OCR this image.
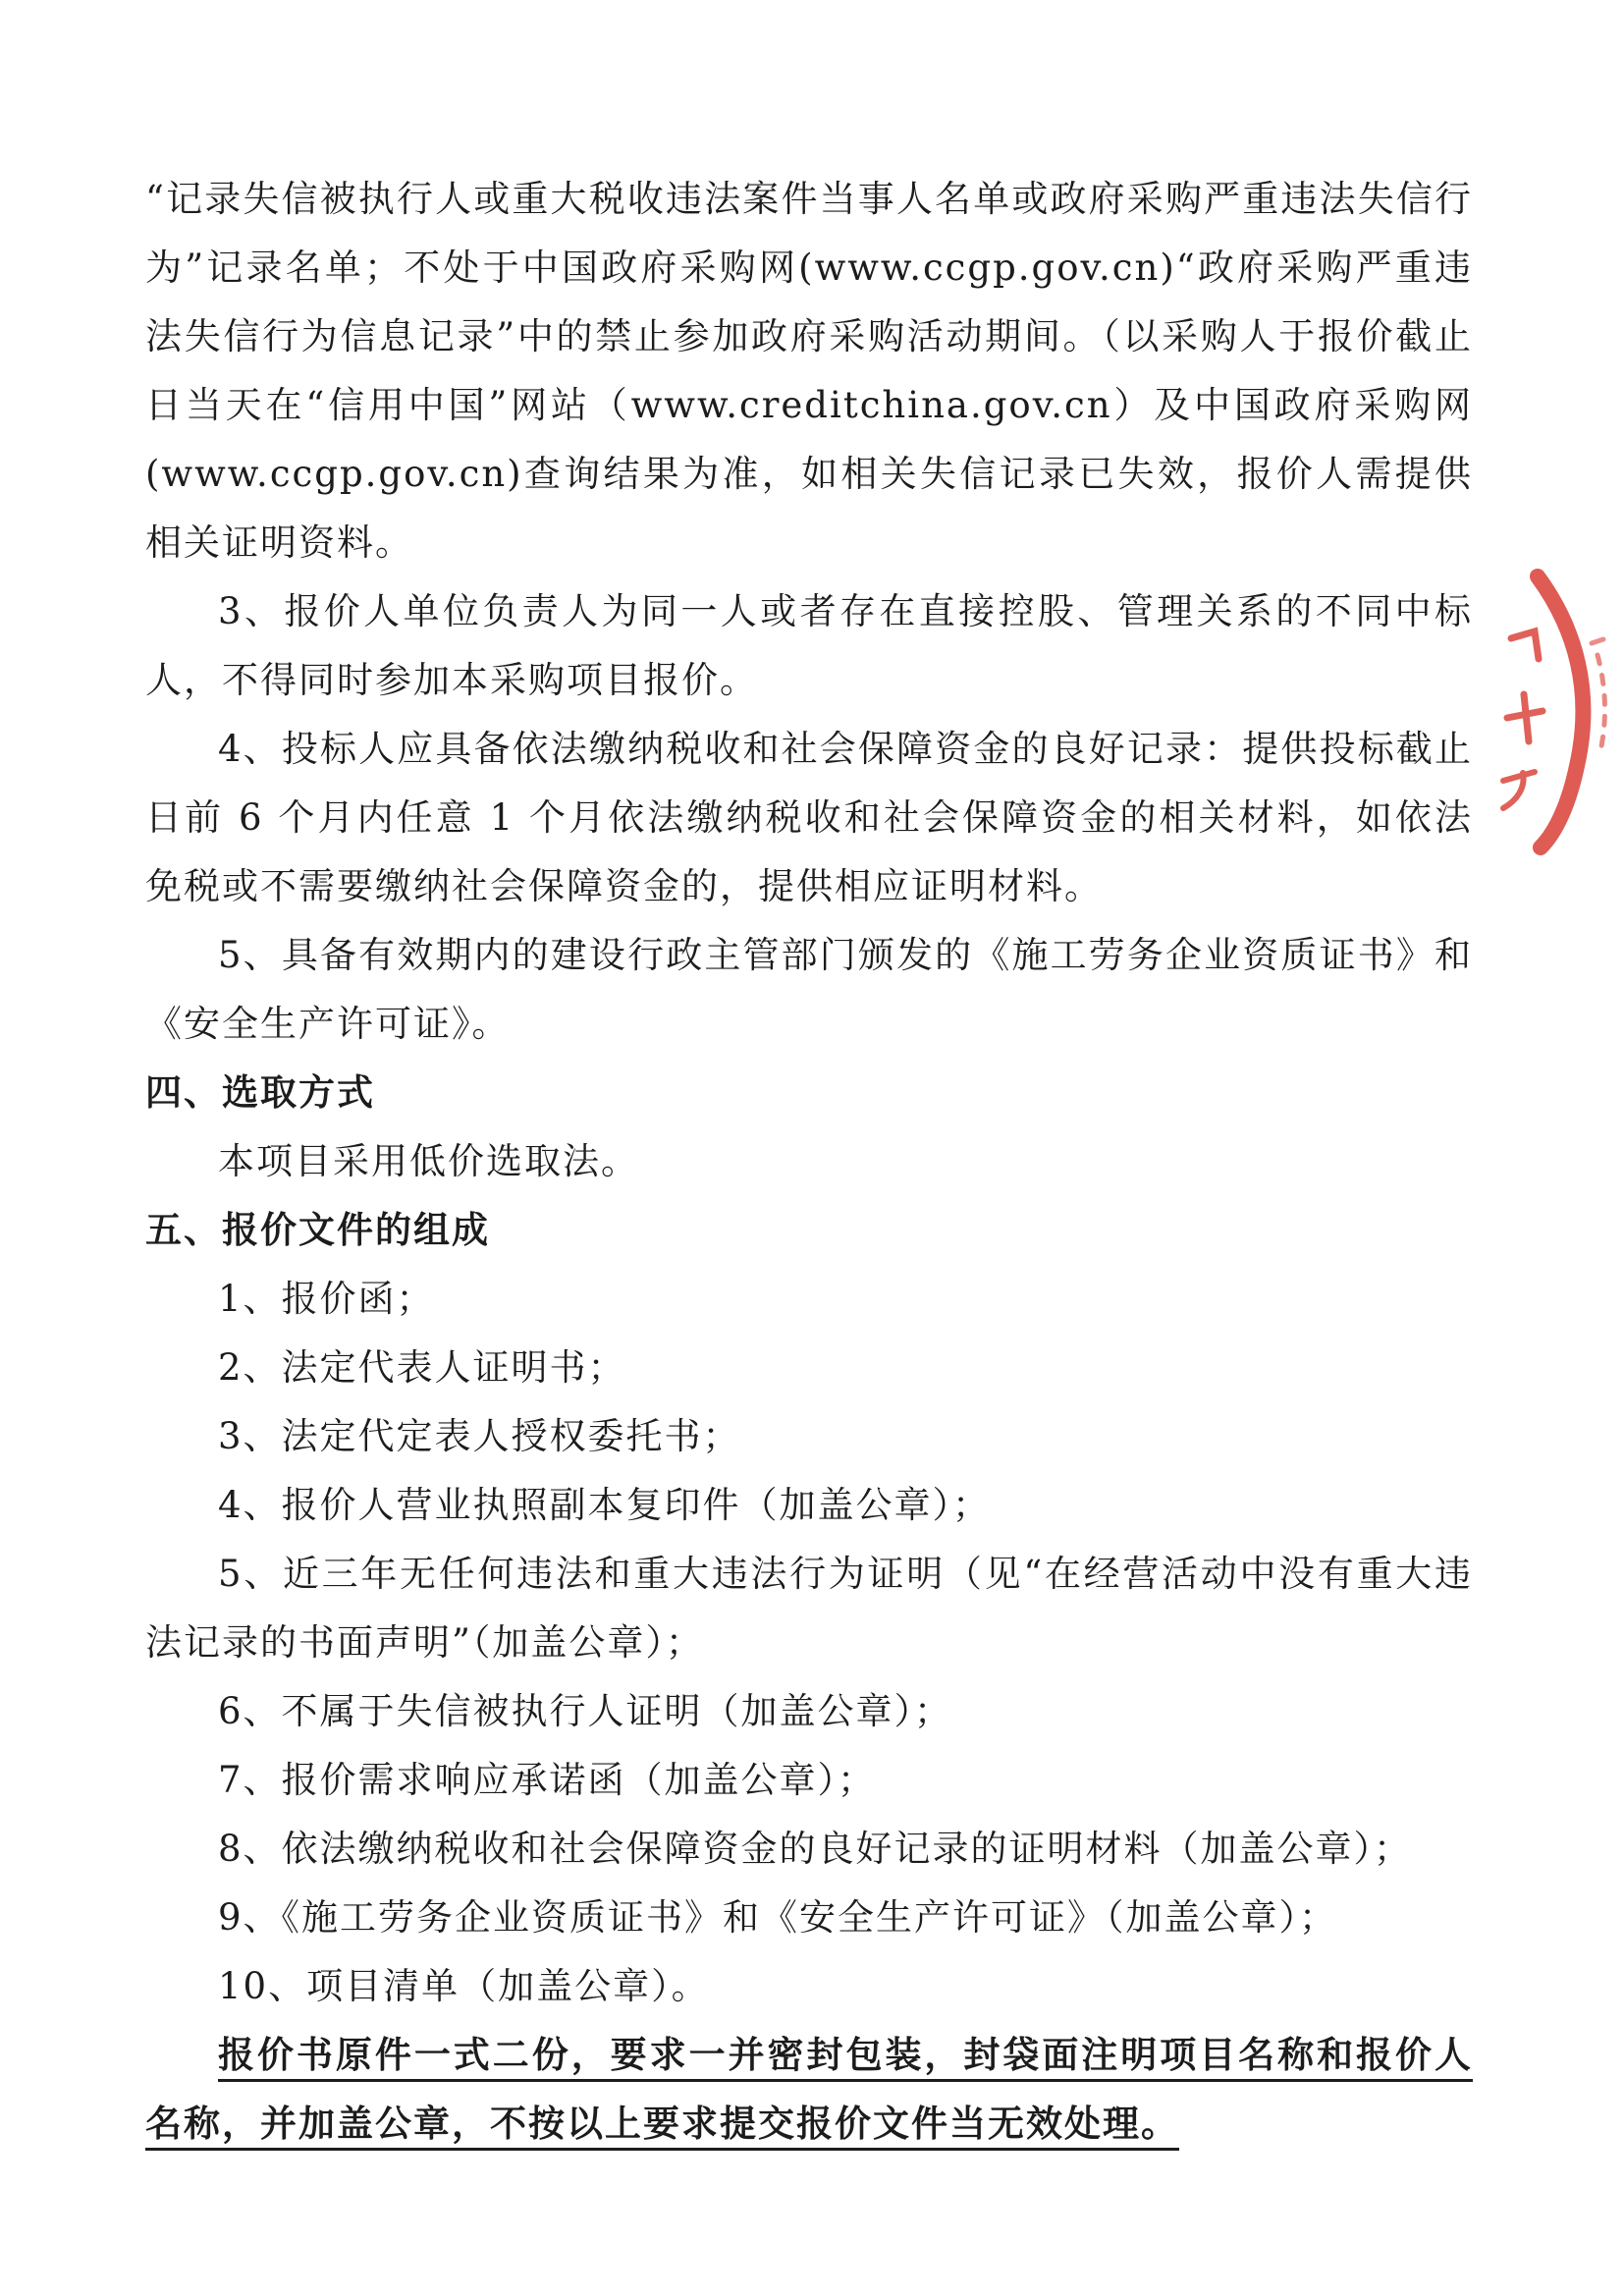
“记录失信被执行人或重大税收违法案件当事人名单或政府采购严重违法失信行为”记录名单；不处于中国政府采购网(www.ccgp.gov.cn)“政府采购严重违法失信行为信息记录”中的禁止参加政府采购活动期间。（以采购人于报价截止日当天在“信用中国”网站（www.creditchina.gov.cn）及中国政府采购网(www.ccgp.gov.cn)查询结果为准，如相关失信记录已失效，报价人需提供相关证明资料。

3、报价人单位负责人为同一人或者存在直接控股、管理关系的不同中标人，不得同时参加本采购项目报价。

4、投标人应具备依法缴纳税收和社会保障资金的良好记录：提供投标截止日前 6 个月内任意 1 个月依法缴纳税收和社会保障资金的相关材料，如依法免税或不需要缴纳社会保障资金的，提供相应证明材料。

5、具备有效期内的建设行政主管部门颁发的《施工劳务企业资质证书》和《安全生产许可证》。

四、选取方式

本项目采用低价选取法。

五、报价文件的组成

1、报价函；

2、法定代表人证明书；

3、法定代定表人授权委托书；

4、报价人营业执照副本复印件（加盖公章）；

5、近三年无任何违法和重大违法行为证明（见“在经营活动中没有重大违法记录的书面声明”（加盖公章）；

6、不属于失信被执行人证明（加盖公章）；

7、报价需求响应承诺函（加盖公章）；

8、依法缴纳税收和社会保障资金的良好记录的证明材料（加盖公章）；

9、《施工劳务企业资质证书》和《安全生产许可证》（加盖公章）；

10、项目清单（加盖公章）。

报价书原件一式二份，要求一并密封包装，封袋面注明项目名称和报价人名称，并加盖公章，不按以上要求提交报价文件当无效处理。
